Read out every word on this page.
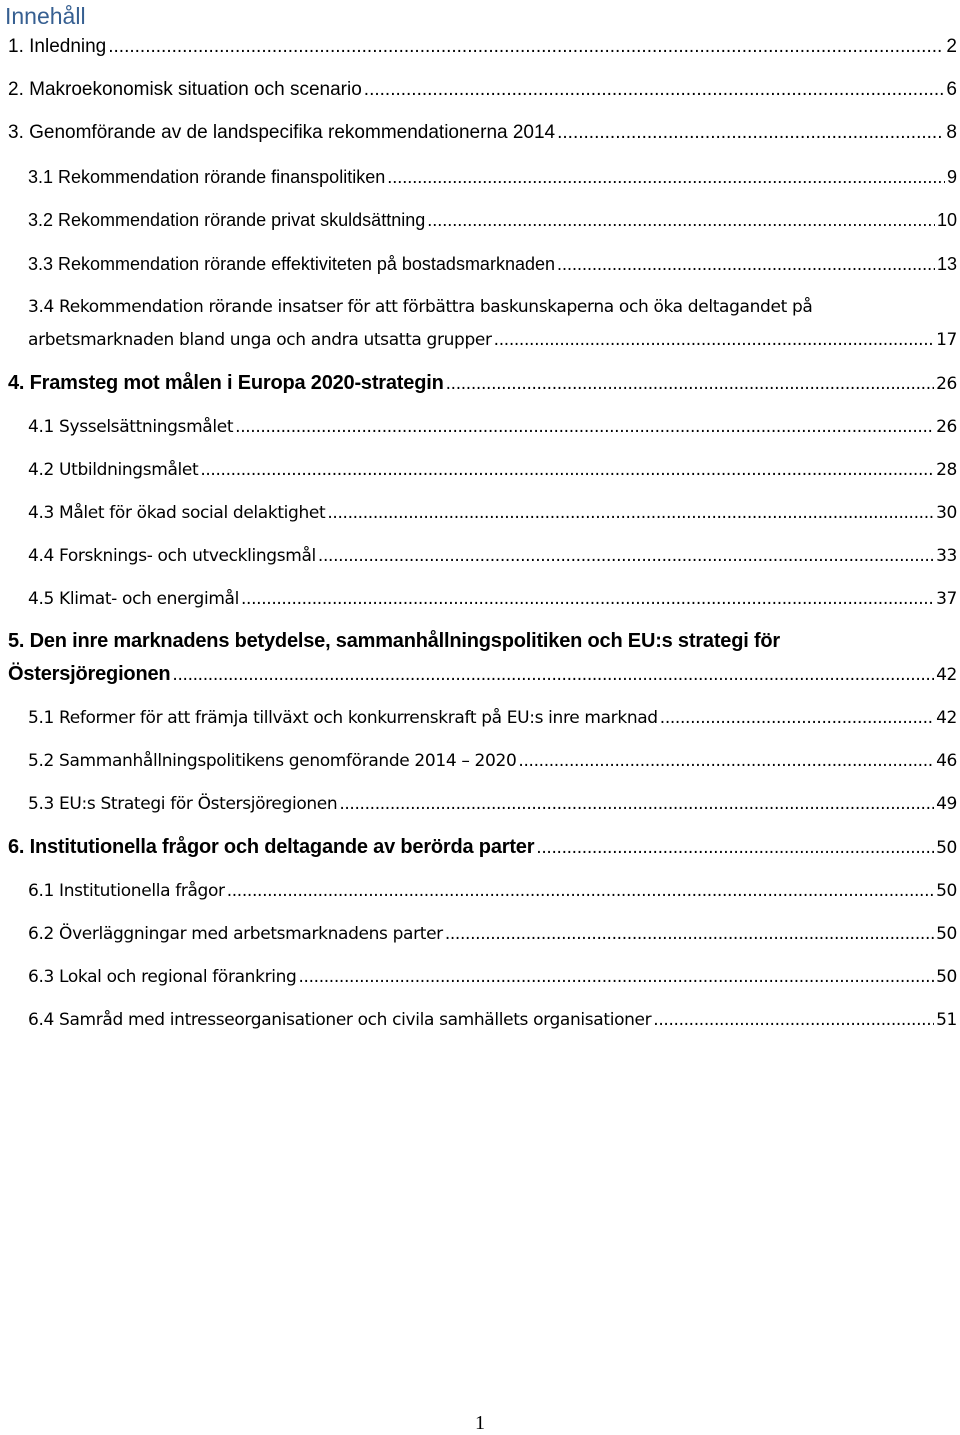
Innehåll
1. Inledning .....	2
2. Makroekonomisk situation och scenario .....	6
3. Genomförande av de landspecifika rekommendationerna 2014 .....	8
3.1 Rekommendation rörande finanspolitiken .....	9
3.2 Rekommendation rörande privat skuldsättning .....	10
3.3 Rekommendation rörande effektiviteten på bostadsmarknaden .....	13
3.4 Rekommendation rörande insatser för att förbättra baskunskaperna och öka deltagandet på
arbetsmarknaden bland unga och andra utsatta grupper .....	17
4. Framsteg mot målen i Europa 2020-strategin .....	26
4.1 Sysselsättningsmålet .....	26
4.2 Utbildningsmålet .....	28
4.3 Målet för ökad social delaktighet .....	30
4.4 Forsknings- och utvecklingsmål .....	33
4.5 Klimat- och energimål .....	37
5. Den inre marknadens betydelse, sammanhållningspolitiken och EU:s strategi för
Östersjöregionen .....	42
5.1 Reformer för att främja tillväxt och konkurrenskraft på EU:s inre marknad .....	42
5.2 Sammanhållningspolitikens genomförande 2014 – 2020 .....	46
5.3 EU:s Strategi för Östersjöregionen .....	49
6. Institutionella frågor och deltagande av berörda parter .....	50
6.1 Institutionella frågor .....	50
6.2 Överläggningar med arbetsmarknadens parter .....	50
6.3 Lokal och regional förankring .....	50
6.4 Samråd med intresseorganisationer och civila samhällets organisationer .....	51
1
